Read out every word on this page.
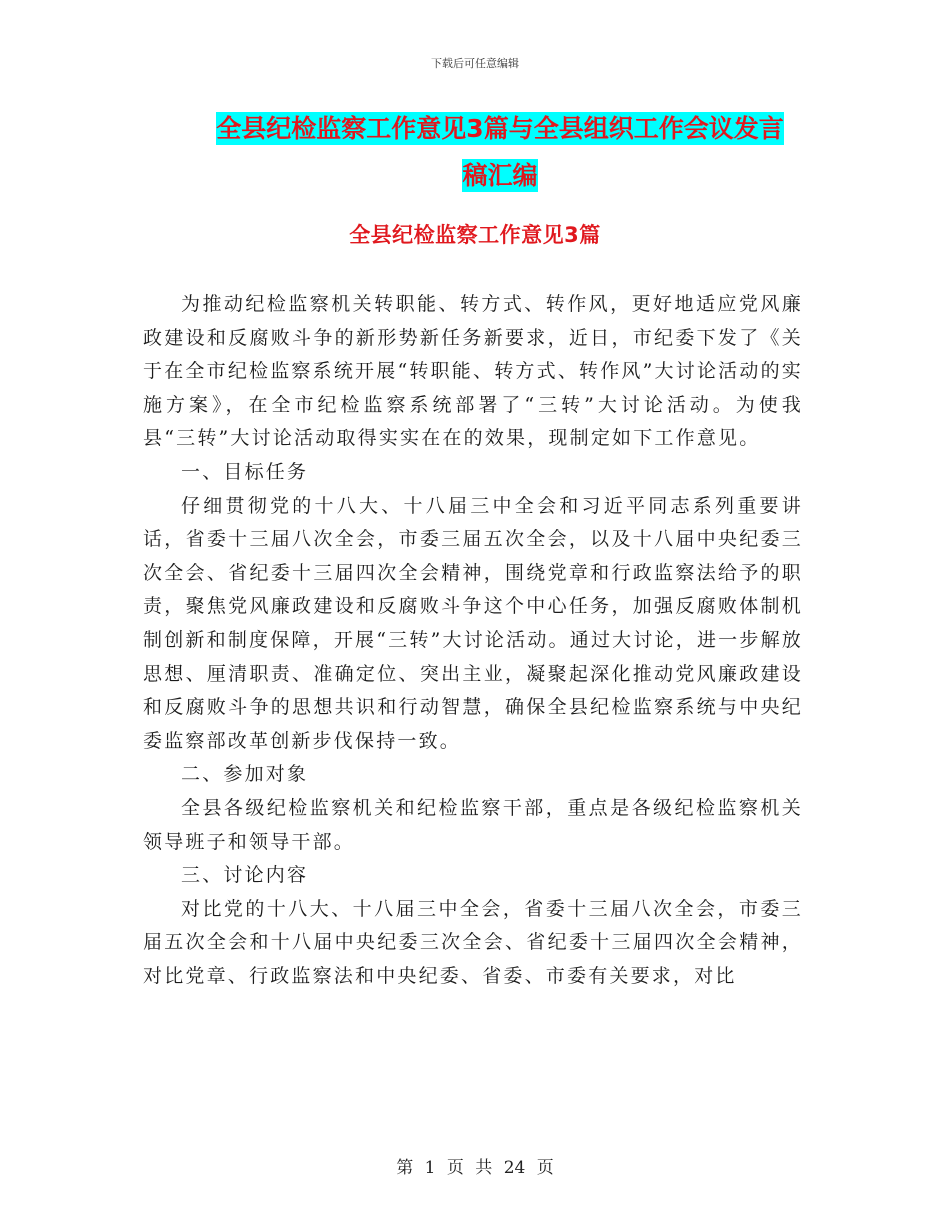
下载后可任意编辑
全县纪检监察工作意见3篇与全县组织工作会议发言
稿汇编
全县纪检监察工作意见3篇

为推动纪检监察机关转职能、转方式、转作风，更好地适应党风廉政建设和反腐败斗争的新形势新任务新要求，近日，市纪委下发了《关于在全市纪检监察系统开展“转职能、转方式、转作风”大讨论活动的实施方案》，在全市纪检监察系统部署了“三转”大讨论活动。为使我县“三转”大讨论活动取得实实在在的效果，现制定如下工作意见。

一、目标任务

仔细贯彻党的十八大、十八届三中全会和习近平同志系列重要讲话，省委十三届八次全会，市委三届五次全会，以及十八届中央纪委三次全会、省纪委十三届四次全会精神，围绕党章和行政监察法给予的职责，聚焦党风廉政建设和反腐败斗争这个中心任务，加强反腐败体制机制创新和制度保障，开展“三转”大讨论活动。通过大讨论，进一步解放思想、厘清职责、准确定位、突出主业，凝聚起深化推动党风廉政建设和反腐败斗争的思想共识和行动智慧，确保全县纪检监察系统与中央纪委监察部改革创新步伐保持一致。

二、参加对象

全县各级纪检监察机关和纪检监察干部，重点是各级纪检监察机关领导班子和领导干部。

三、讨论内容

对比党的十八大、十八届三中全会，省委十三届八次全会，市委三届五次全会和十八届中央纪委三次全会、省纪委十三届四次全会精神，对比党章、行政监察法和中央纪委、省委、市委有关要求，对比

第 1 页 共 24 页
